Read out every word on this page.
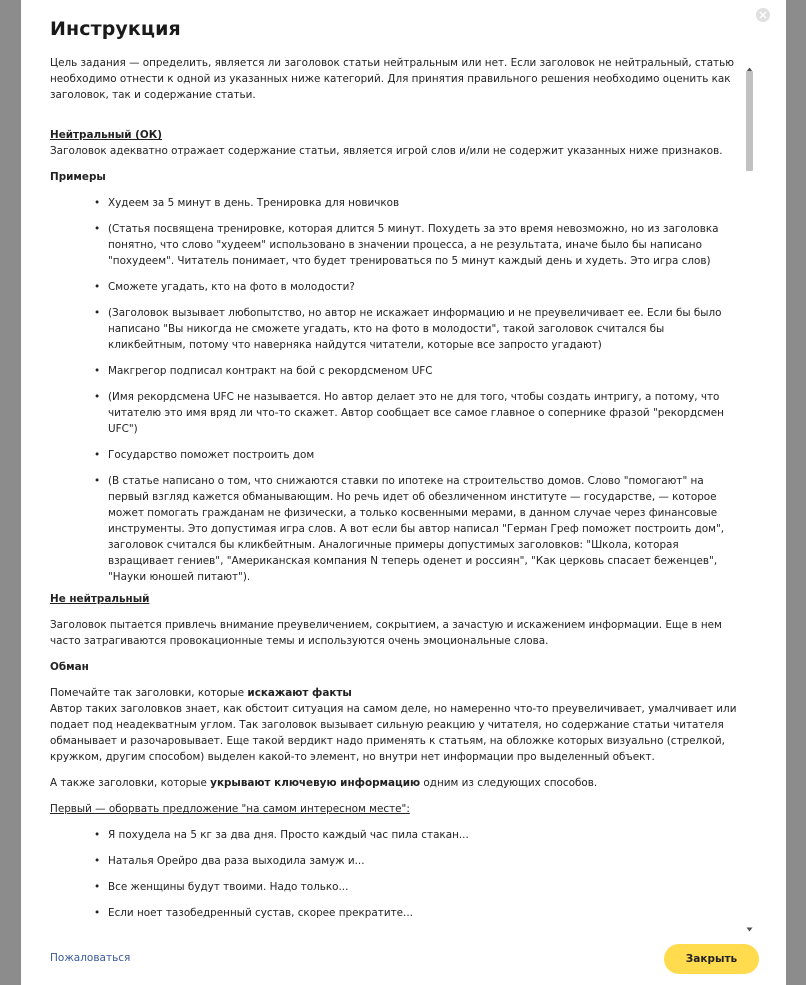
Инструкция

Цель задания — определить, является ли заголовок статьи нейтральным или нет. Если заголовок не нейтральный, статью необходимо отнести к одной из указанных ниже категорий. Для принятия правильного решения необходимо оценить как заголовок, так и содержание статьи.

Нейтральный (ОК)

Заголовок адекватно отражает содержание статьи, является игрой слов и/или не содержит указанных ниже признаков.

Примеры
• Худеем за 5 минут в день. Тренировка для новичков
• (Статья посвящена тренировке, которая длится 5 минут. Похудеть за это время невозможно, но из заголовка понятно, что слово "худеем" использовано в значении процесса, а не результата, иначе было бы написано "похудеем". Читатель понимает, что будет тренироваться по 5 минут каждый день и худеть. Это игра слов)
• Сможете угадать, кто на фото в молодости?
• (Заголовок вызывает любопытство, но автор не искажает информацию и не преувеличивает ее. Если бы было написано "Вы никогда не сможете угадать, кто на фото в молодости", такой заголовок считался бы кликбейтным, потому что наверняка найдутся читатели, которые все запросто угадают)
• Макгрегор подписал контракт на бой с рекордсменом UFC
• (Имя рекордсмена UFC не называется. Но автор делает это не для того, чтобы создать интригу, а потому, что читателю это имя вряд ли что-то скажет. Автор сообщает все самое главное о сопернике фразой "рекордсмен UFC")
• Государство поможет построить дом
• (В статье написано о том, что снижаются ставки по ипотеке на строительство домов. Слово "помогают" на первый взгляд кажется обманывающим. Но речь идет об обезличенном институте — государстве, — которое может помогать гражданам не физически, а только косвенными мерами, в данном случае через финансовые инструменты. Это допустимая игра слов. А вот если бы автор написал "Герман Греф поможет построить дом", заголовок считался бы кликбейтным. Аналогичные примеры допустимых заголовков: "Школа, которая взращивает гениев", "Американская компания N теперь оденет и россиян", "Как церковь спасает беженцев", "Науки юношей питают").
Не нейтральный

Заголовок пытается привлечь внимание преувеличением, сокрытием, а зачастую и искажением информации. Еще в нем часто затрагиваются провокационные темы и используются очень эмоциональные слова.

Обман
Помечайте так заголовки, которые искажают факты

Автор таких заголовков знает, как обстоит ситуация на самом деле, но намеренно что-то преувеличивает, умалчивает или подает под неадекватным углом. Так заголовок вызывает сильную реакцию у читателя, но содержание статьи читателя обманывает и разочаровывает. Еще такой вердикт надо применять к статьям, на обложке которых визуально (стрелкой, кружком, другим способом) выделен какой-то элемент, но внутри нет информации про выделенный объект.

А также заголовки, которые укрывают ключевую информацию одним из следующих способов.

Первый — оборвать предложение "на самом интересном месте":

• Я похудела на 5 кг за два дня. Просто каждый час пила стакан...
• Наталья Орейро два раза выходила замуж и...
• Все женщины будут твоими. Надо только...
• Если ноет тазобедренный сустав, скорее прекратите...
Пожаловаться	Закрыть
